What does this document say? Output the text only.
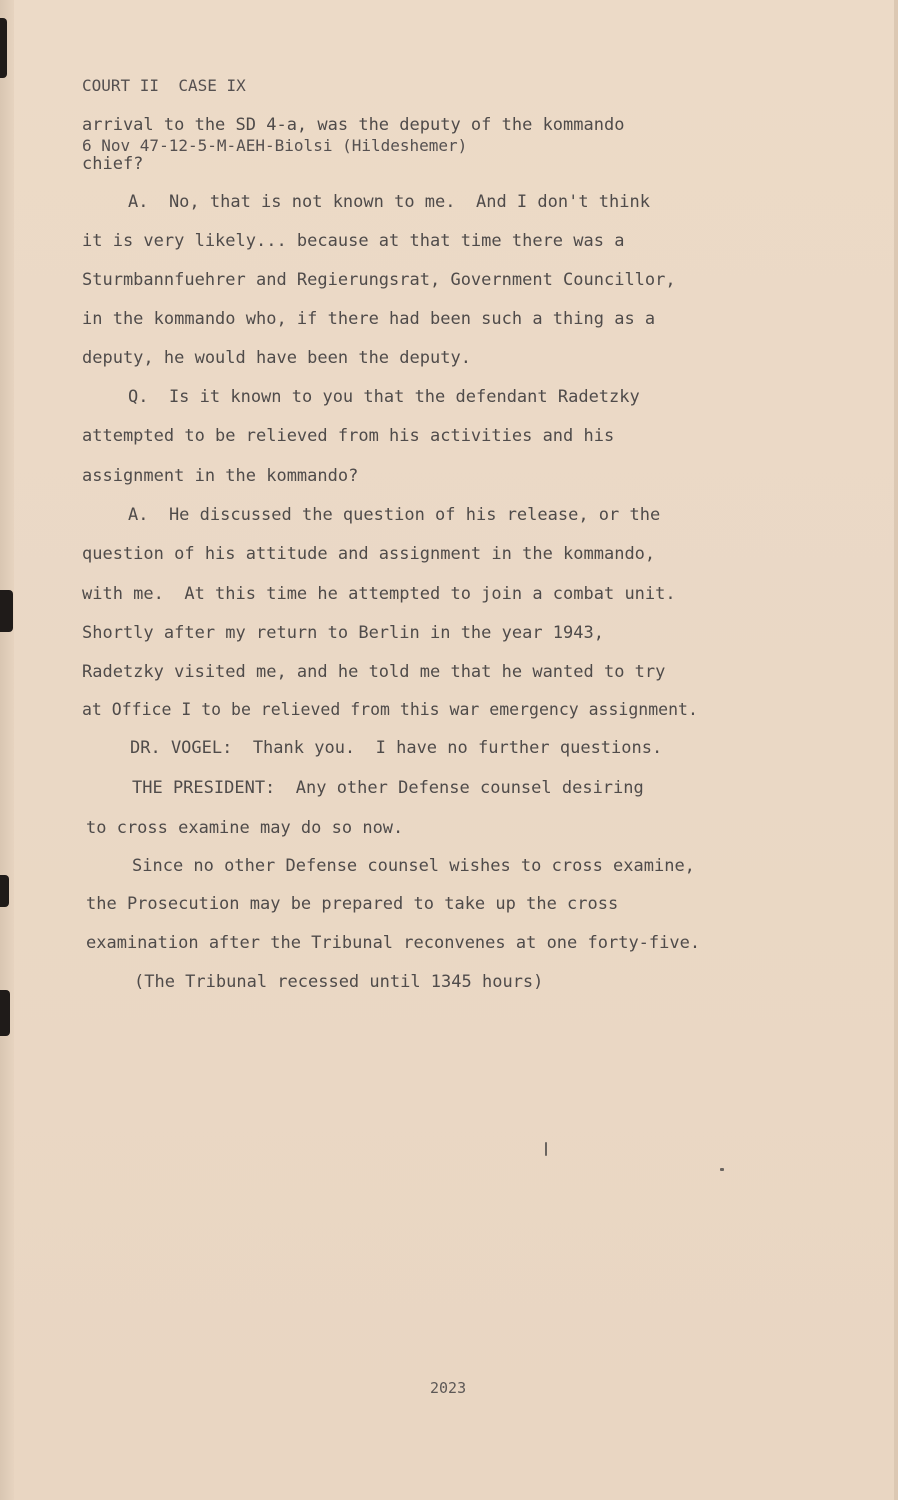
COURT II  CASE IX

6 Nov 47-12-5-M-AEH-Biolsi (Hildeshemer)

arrival to the SD 4-a, was the deputy of the kommando
chief?
A.  No, that is not known to me.  And I don't think
it is very likely... because at that time there was a
Sturmbannfuehrer and Regierungsrat, Government Councillor,
in the kommando who, if there had been such a thing as a
deputy, he would have been the deputy.
Q.  Is it known to you that the defendant Radetzky
attempted to be relieved from his activities and his
assignment in the kommando?
A.  He discussed the question of his release, or the
question of his attitude and assignment in the kommando,
with me.  At this time he attempted to join a combat unit.
Shortly after my return to Berlin in the year 1943,
Radetzky visited me, and he told me that he wanted to try
at Office I to be relieved from this war emergency assignment.
DR. VOGEL:  Thank you.  I have no further questions.
THE PRESIDENT:  Any other Defense counsel desiring
to cross examine may do so now.
Since no other Defense counsel wishes to cross examine,
the Prosecution may be prepared to take up the cross
examination after the Tribunal reconvenes at one forty-five.
(The Tribunal recessed until 1345 hours)
2023
